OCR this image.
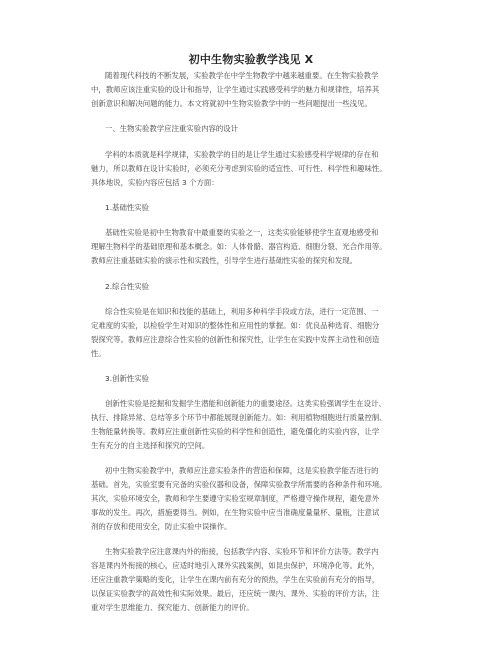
初中生物实验教学浅见 X
随着现代科技的不断发展，实验教学在中学生物教学中越来越重要。在生物实验教学
中，教师应该注重实验的设计和指导，让学生通过实践感受科学的魅力和规律性，培养其
创新意识和解决问题的能力。本文将就初中生物实验教学中的一些问题提出一些浅见。
一、生物实验教学应注重实验内容的设计
学科的本质就是科学规律，实验教学的目的是让学生通过实验感受科学规律的存在和
魅力，所以教师在设计实验时，必须充分考虑到实验的适宜性、可行性、科学性和趣味性。
具体地说，实验内容应包括 3 个方面：
1.基础性实验
基础性实验是初中生物教育中最重要的实验之一，这类实验能够使学生直观地感受和
理解生物科学的基础原理和基本概念。如：人体骨骼、器官构造、细胞分裂、光合作用等。
教师应注重基础实验的演示性和实践性，引导学生进行基础性实验的探究和发现。
2.综合性实验
综合性实验是在知识和技能的基础上，利用多种科学手段或方法，进行一定范围、一
定难度的实验，以检验学生对知识的整体性和应用性的掌握。如：优良品种选育、细胞分
裂探究等。教师应注意综合性实验的创新性和探究性，让学生在实践中发挥主动性和创造
性。
3.创新性实验
创新性实验是挖掘和发掘学生潜能和创新能力的重要途径。这类实验强调学生在设计、
执行、排除异常、总结等多个环节中都能展现创新能力。如：利用植物细胞进行质量控制、
生物能量转换等。教师应注重创新性实验的科学性和创造性，避免僵化的实验内容，让学
生有充分的自主选择和探究的空间。
初中生物实验教学中，教师应注意实验条件的营造和保障，这是实验教学能否进行的
基础。首先，实验室要有完备的实验仪器和设备，保障实验教学所需要的各种条件和环境。
其次，实验环境安全，教师和学生要遵守实验室规章制度，严格遵守操作规程，避免意外
事故的发生。再次，措施要得当。例如，在生物实验中应当准确度量量杯、量瓶，注意试
剂的存放和使用安全，防止实验中误操作。
生物实验教学应注意课内外的衔接，包括教学内容、实验环节和评价方法等。教学内
容是课内外衔接的核心，应适时地引入课外实践案例，如昆虫保护，环境净化等。此外，
还应注重教学策略的变化，让学生在课内前有充分的预热，学生在实验前有充分的指导，
以保证实验教学的高效性和实际效果。最后，还应统一课内、课外、实验的评价方法，注
重对学生思维能力、探究能力、创新能力的评价。
